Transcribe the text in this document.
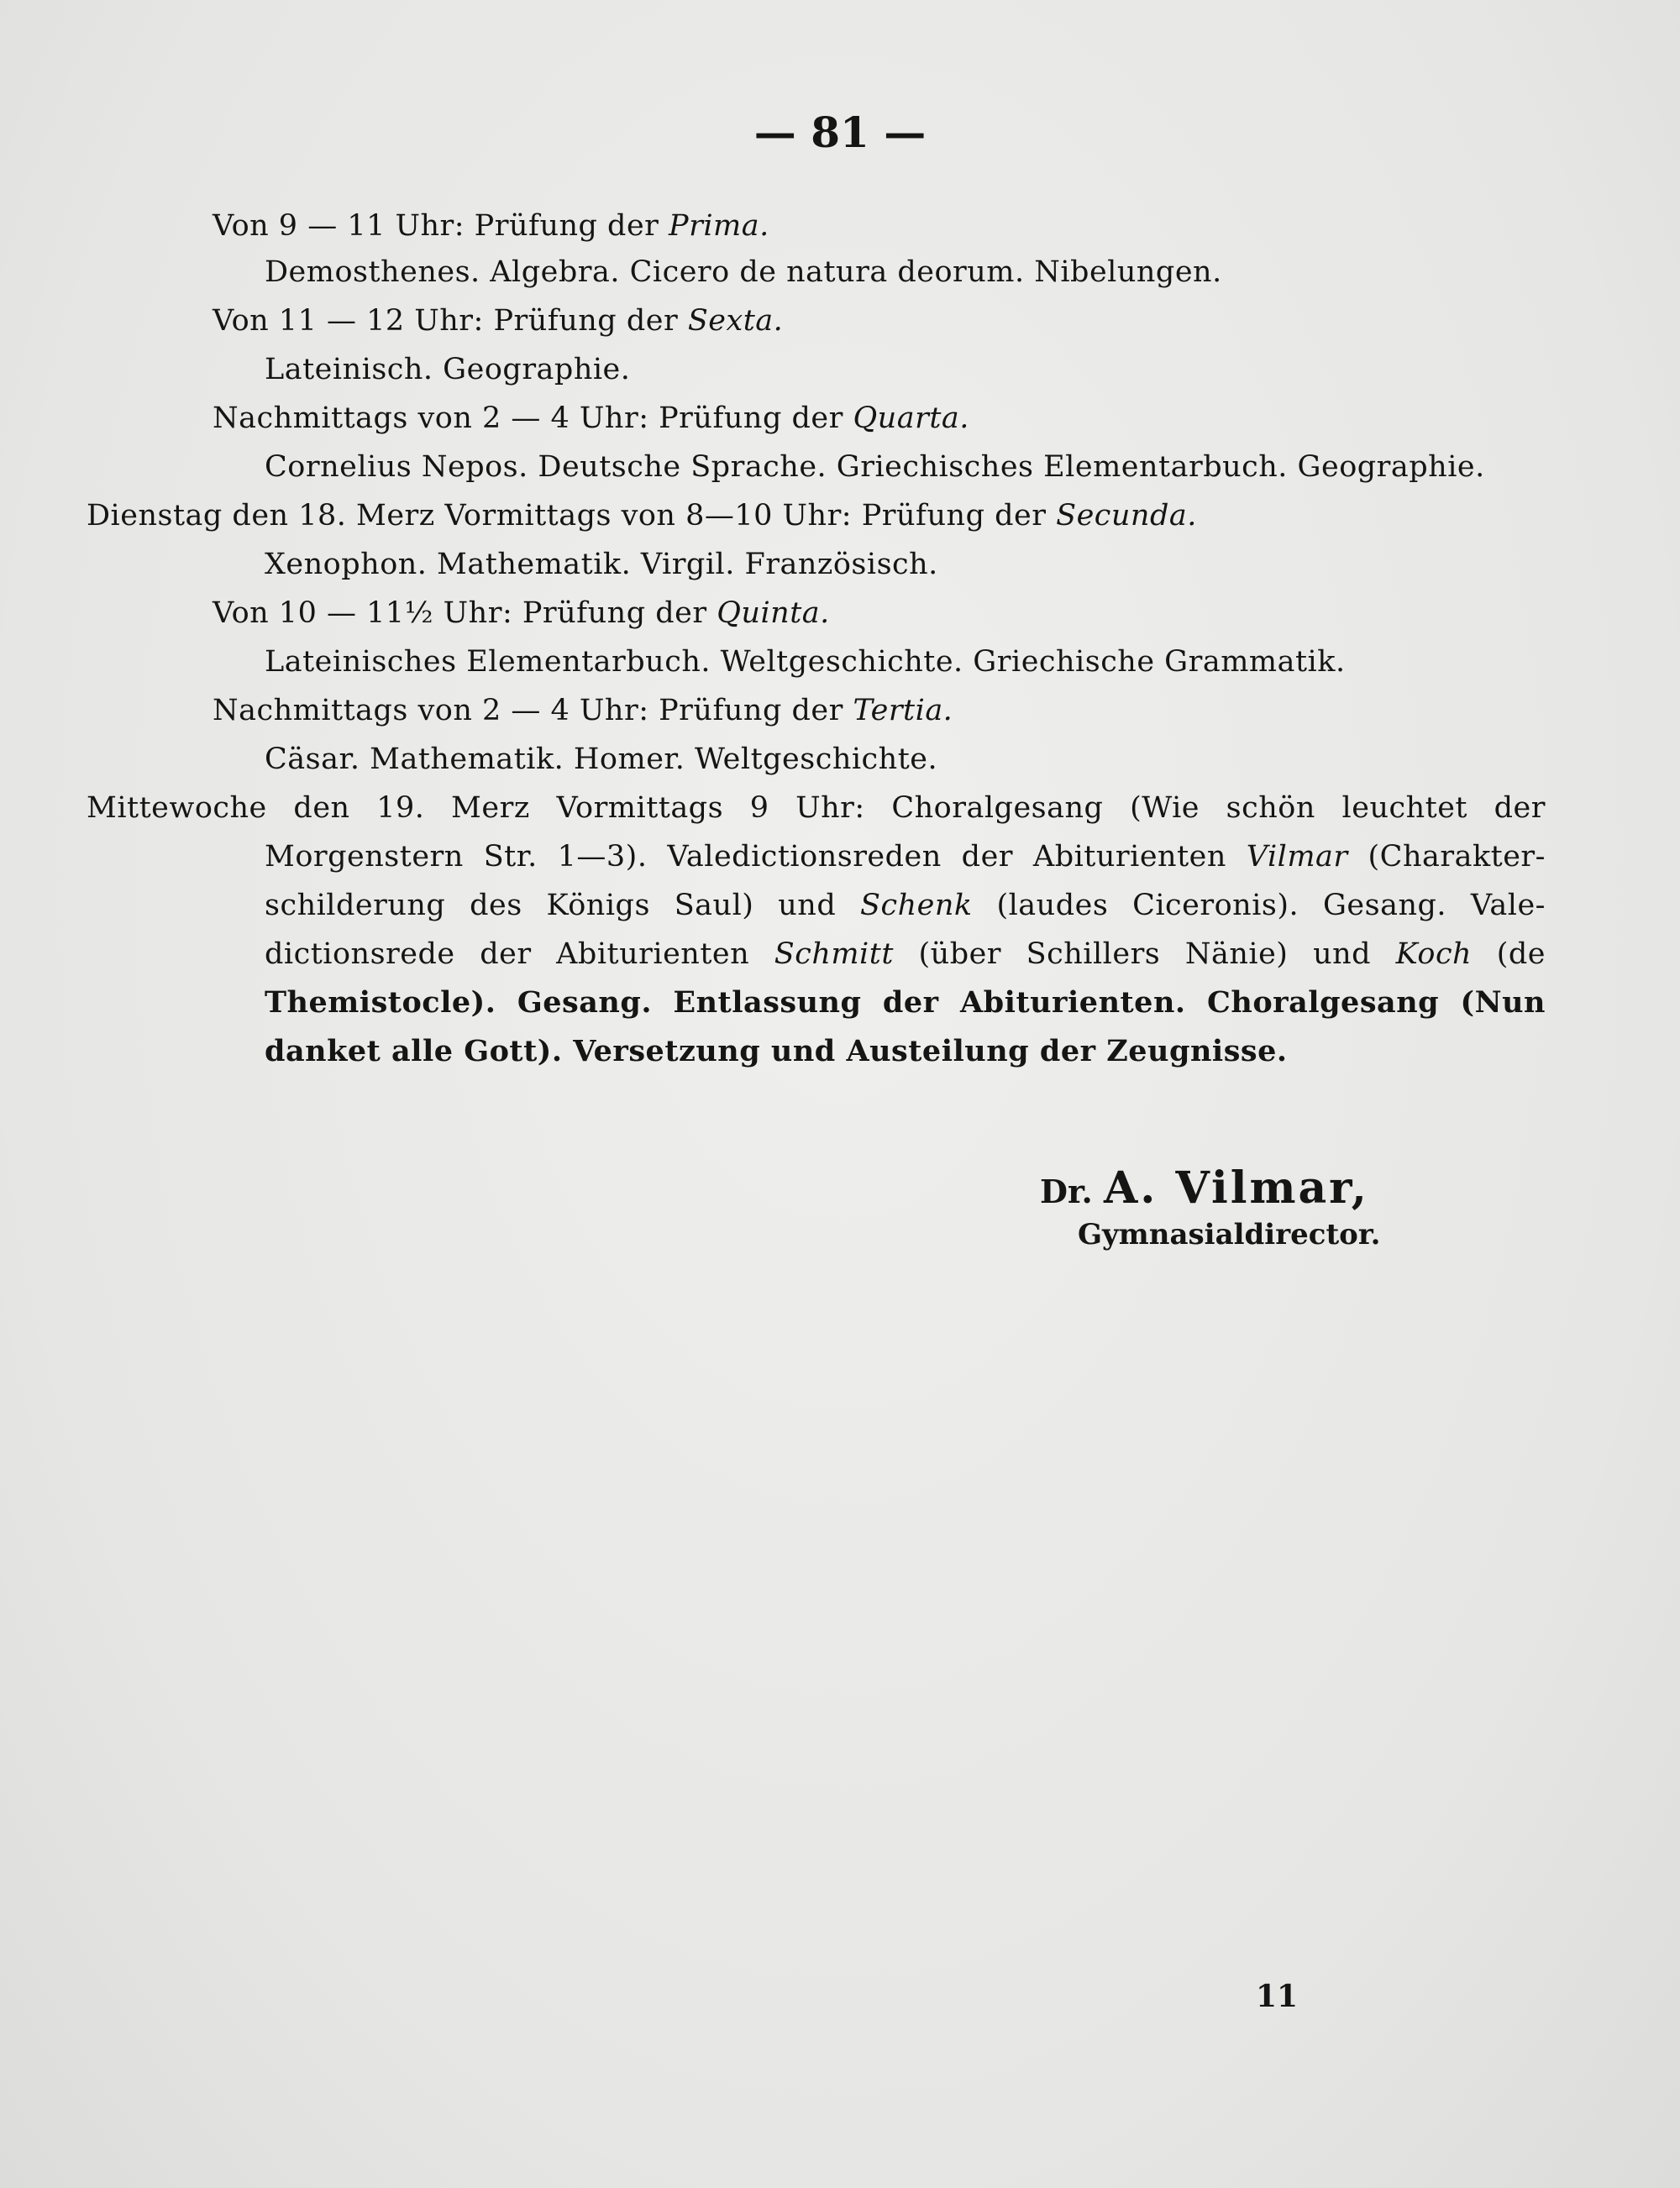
— 81 —
Von 9 — 11 Uhr: Prüfung der Prima.
Demosthenes. Algebra. Cicero de natura deorum. Nibelungen.
Von 11 — 12 Uhr: Prüfung der Sexta.
Lateinisch. Geographie.
Nachmittags von 2 — 4 Uhr: Prüfung der Quarta.
Cornelius Nepos. Deutsche Sprache. Griechisches Elementarbuch. Geographie.
Dienstag den 18. Merz Vormittags von 8—10 Uhr: Prüfung der Secunda.
Xenophon. Mathematik. Virgil. Französisch.
Von 10 — 11½ Uhr: Prüfung der Quinta.
Lateinisches Elementarbuch. Weltgeschichte. Griechische Grammatik.
Nachmittags von 2 — 4 Uhr: Prüfung der Tertia.
Cäsar. Mathematik. Homer. Weltgeschichte.
Mittewoche den 19. Merz Vormittags 9 Uhr: Choralgesang (Wie schön leuchtet der
Morgenstern Str. 1—3). Valedictionsreden der Abiturienten Vilmar (Charakter-
schilderung des Königs Saul) und Schenk (laudes Ciceronis). Gesang. Vale-
dictionsrede der Abiturienten Schmitt (über Schillers Nänie) und Koch (de
Themistocle). Gesang. Entlassung der Abiturienten. Choralgesang (Nun
danket alle Gott). Versetzung und Austeilung der Zeugnisse.
Dr. A. Vilmar,
Gymnasialdirector.
11
